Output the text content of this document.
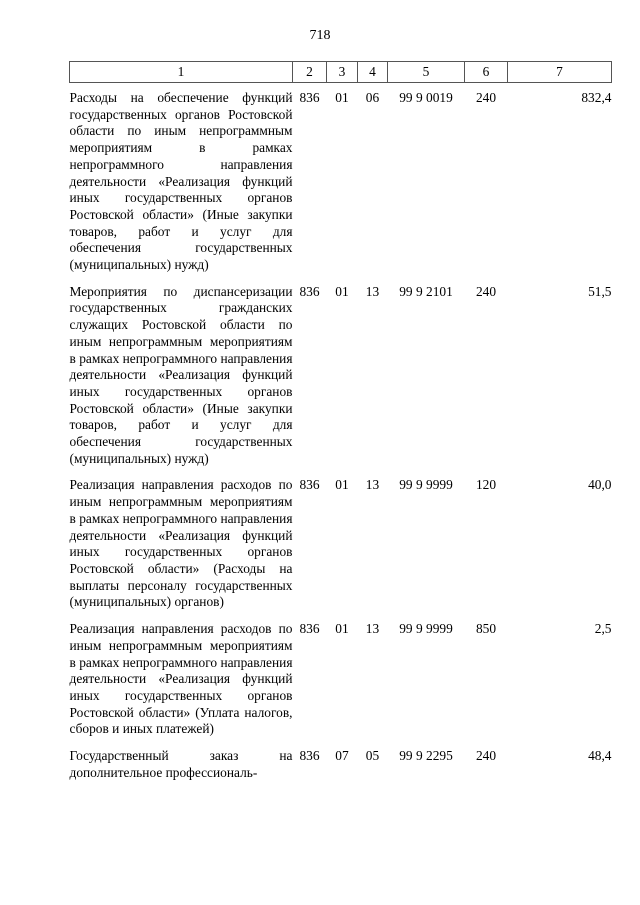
718
1	2	3	4	5	6	7
Расходы на обеспечение функций государственных органов Ростовской области по иным непрограммным мероприятиям в рамках непрограммного направления деятельности «Реализация функций иных государственных органов Ростовской области» (Иные закупки товаров, работ и услуг для обеспечения государственных (муниципальных) нужд)	836	01	06	99 9 0019	240	832,4
Мероприятия по диспансеризации государственных гражданских служащих Ростовской области по иным непрограммным мероприятиям в рамках непрограммного направления деятельности «Реализация функций иных государственных органов Ростовской области» (Иные закупки товаров, работ и услуг для обеспечения государственных (муниципальных) нужд)	836	01	13	99 9 2101	240	51,5
Реализация направления расходов по иным непрограммным мероприятиям в рамках непрограммного направления деятельности «Реализация функций иных государственных органов Ростовской области» (Расходы на выплаты персоналу государственных (муниципальных) органов)	836	01	13	99 9 9999	120	40,0
Реализация направления расходов по иным непрограммным мероприятиям в рамках непрограммного направления деятельности «Реализация функций иных государственных органов Ростовской области» (Уплата налогов, сборов и иных платежей)	836	01	13	99 9 9999	850	2,5
Государственный заказ на дополнительное профессиональ-	836	07	05	99 9 2295	240	48,4
